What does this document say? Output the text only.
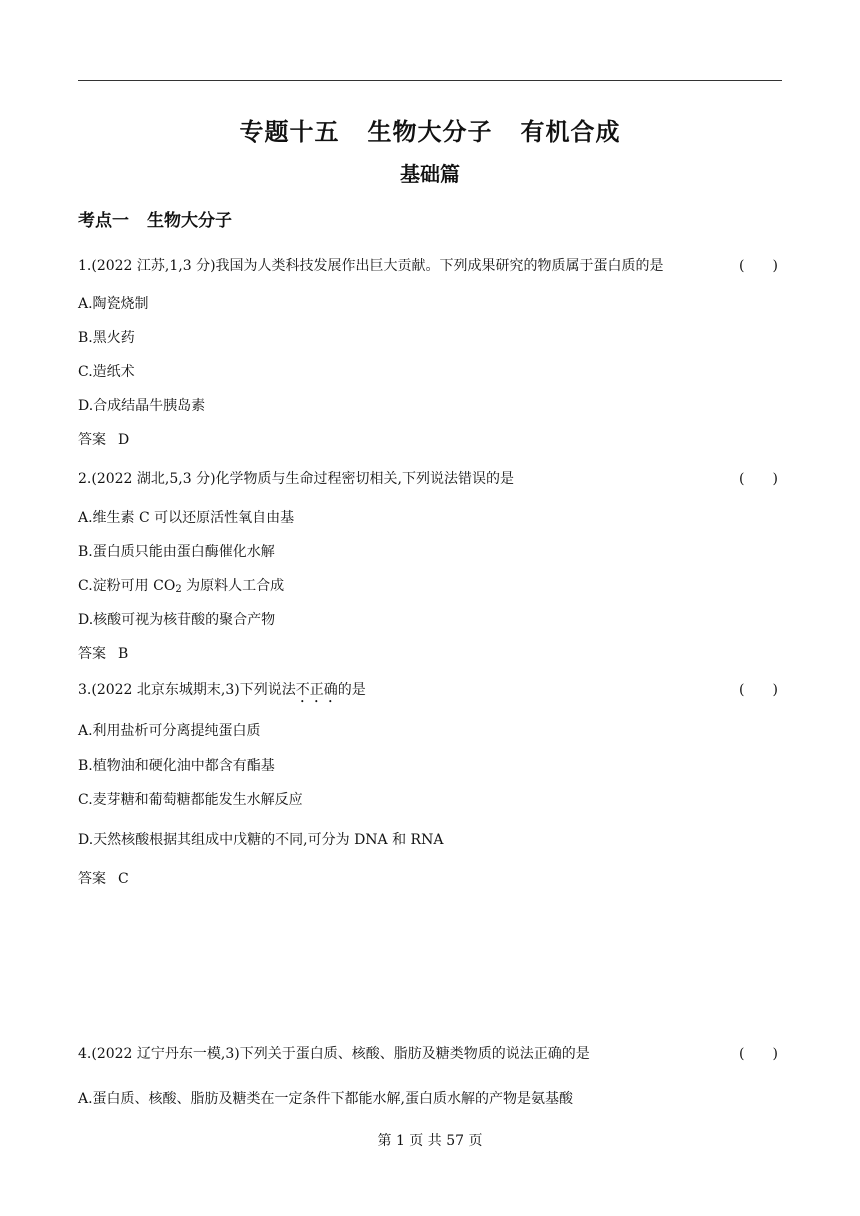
专题十五 生物大分子 有机合成
基础篇
考点一 生物大分子
1.(2022 江苏,1,3 分)我国为人类科技发展作出巨大贡献。下列成果研究的物质属于蛋白质的是	(　　)
A.陶瓷烧制
B.黑火药
C.造纸术
D.合成结晶牛胰岛素
答案 D
2.(2022 湖北,5,3 分)化学物质与生命过程密切相关,下列说法错误的是	(　　)
A.维生素 C 可以还原活性氧自由基
B.蛋白质只能由蛋白酶催化水解
C.淀粉可用 $CO_2$ 为原料人工合成
D.核酸可视为核苷酸的聚合产物
答案 B
3.(2022 北京东城期末,3)下列说法不正确的是	(　　)
A.利用盐析可分离提纯蛋白质
B.植物油和硬化油中都含有酯基
C.麦芽糖和葡萄糖都能发生水解反应
D.天然核酸根据其组成中戊糖的不同,可分为 DNA 和 RNA
答案 C
4.(2022 辽宁丹东一模,3)下列关于蛋白质、核酸、脂肪及糖类物质的说法正确的是	(　　)
A.蛋白质、核酸、脂肪及糖类在一定条件下都能水解,蛋白质水解的产物是氨基酸
第 1 页 共 57 页
